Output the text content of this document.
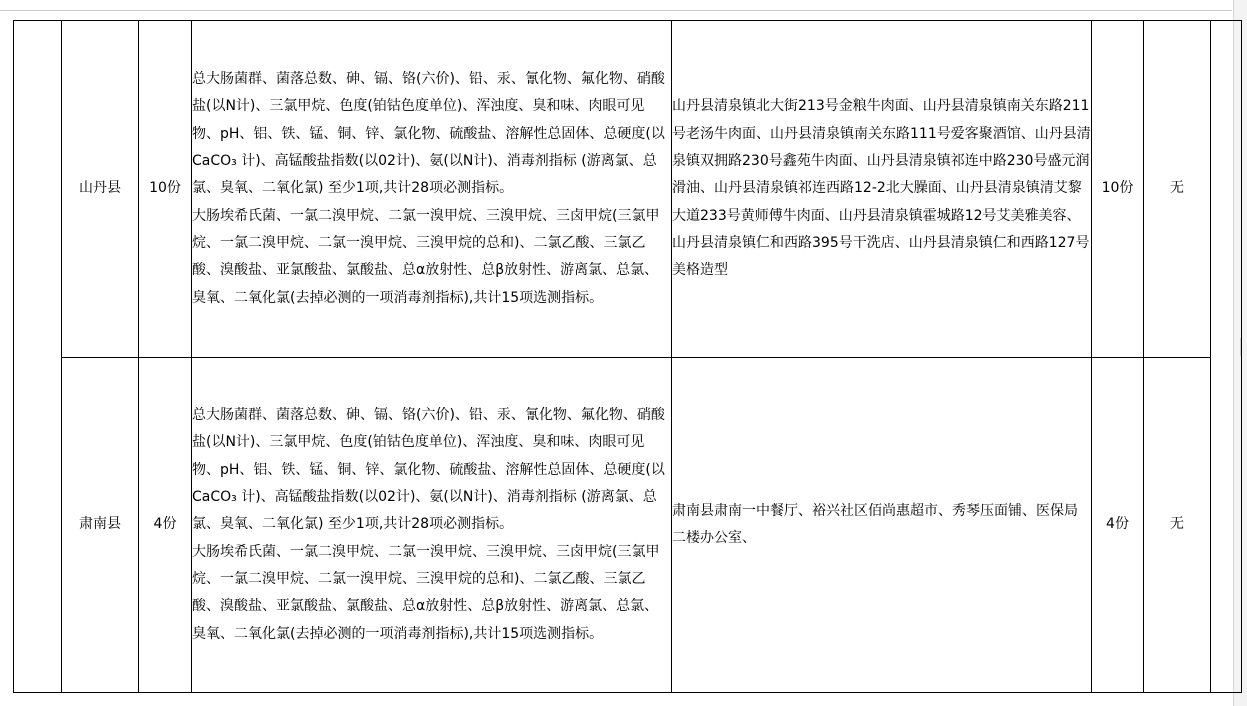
	山丹县	10份	总大肠菌群、菌落总数、砷、镉、铬(六价)、铅、汞、氰化物、氟化物、硝酸盐(以N计)、三氯甲烷、色度(铂钴色度单位)、浑浊度、臭和味、肉眼可见物、pH、铝、铁、锰、铜、锌、氯化物、硫酸盐、溶解性总固体、总硬度(以CaCO₃ 计)、高锰酸盐指数(以02计)、氨(以N计)、消毒剂指标 (游离氯、总氯、臭氧、二氧化氯) 至少1项,共计28项必测指标。
大肠埃希氏菌、一氯二溴甲烷、二氯一溴甲烷、三溴甲烷、三卤甲烷(三氯甲烷、一氯二溴甲烷、二氯一溴甲烷、三溴甲烷的总和)、二氯乙酸、三氯乙酸、溴酸盐、亚氯酸盐、氯酸盐、总α放射性、总β放射性、游离氯、总氯、臭氧、二氧化氯(去掉必测的一项消毒剂指标),共计15项选测指标。	山丹县清泉镇北大街213号金粮牛肉面、山丹县清泉镇南关东路211号老汤牛肉面、山丹县清泉镇南关东路111号爱客聚酒馆、山丹县清泉镇双拥路230号鑫苑牛肉面、山丹县清泉镇祁连中路230号盛元润滑油、山丹县清泉镇祁连西路12-2北大臊面、山丹县清泉镇清艾黎大道233号黄师傅牛肉面、山丹县清泉镇霍城路12号艾美雅美容、山丹县清泉镇仁和西路395号干洗店、山丹县清泉镇仁和西路127号美格造型	10份	无	
	肃南县	4份	总大肠菌群、菌落总数、砷、镉、铬(六价)、铅、汞、氰化物、氟化物、硝酸盐(以N计)、三氯甲烷、色度(铂钴色度单位)、浑浊度、臭和味、肉眼可见物、pH、铝、铁、锰、铜、锌、氯化物、硫酸盐、溶解性总固体、总硬度(以CaCO₃ 计)、高锰酸盐指数(以02计)、氨(以N计)、消毒剂指标 (游离氯、总氯、臭氧、二氧化氯) 至少1项,共计28项必测指标。
大肠埃希氏菌、一氯二溴甲烷、二氯一溴甲烷、三溴甲烷、三卤甲烷(三氯甲烷、一氯二溴甲烷、二氯一溴甲烷、三溴甲烷的总和)、二氯乙酸、三氯乙酸、溴酸盐、亚氯酸盐、氯酸盐、总α放射性、总β放射性、游离氯、总氯、臭氧、二氧化氯(去掉必测的一项消毒剂指标),共计15项选测指标。	肃南县肃南一中餐厅、裕兴社区佰尚惠超市、秀琴压面铺、医保局二楼办公室、	4份	无	
